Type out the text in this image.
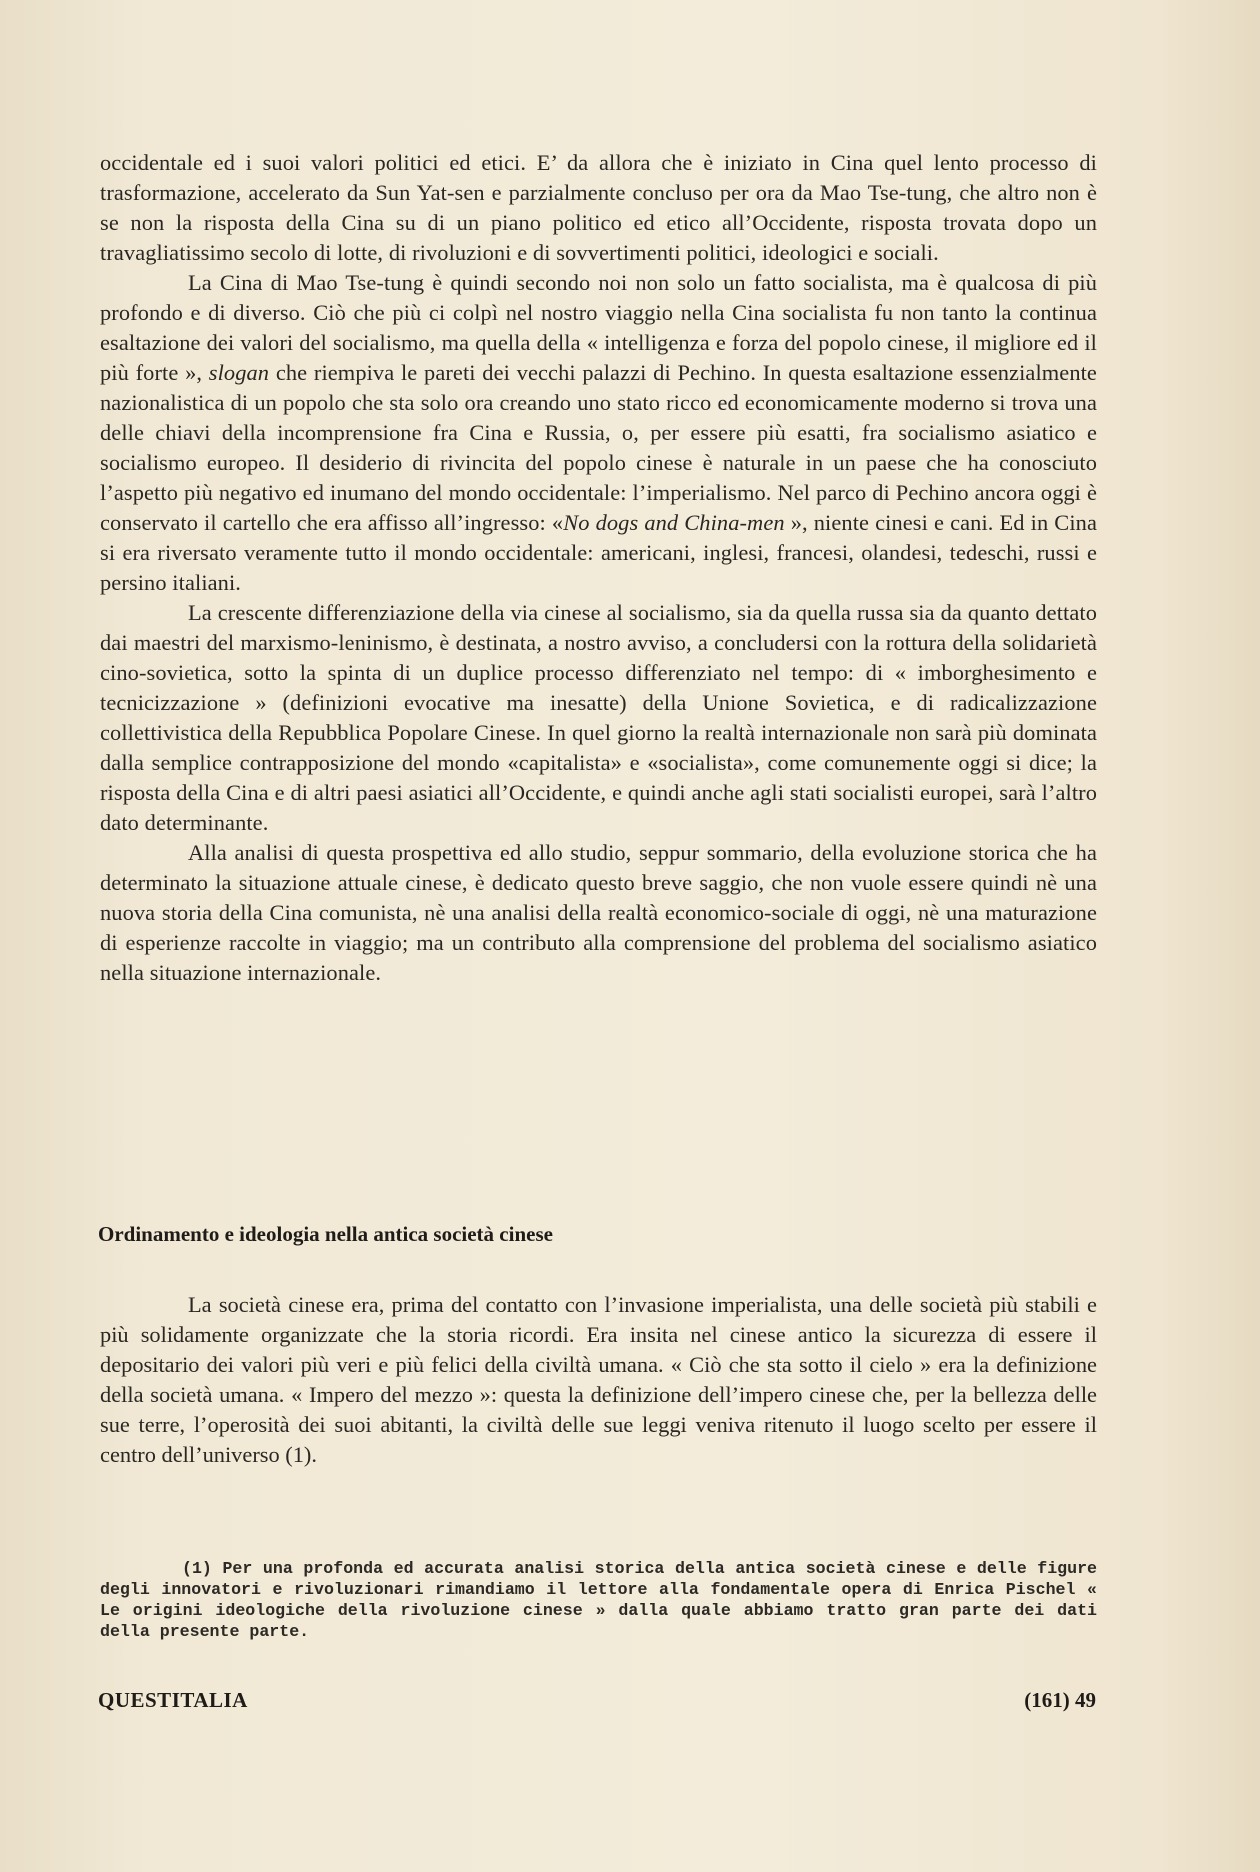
occidentale ed i suoi valori politici ed etici. E’ da allora che è iniziato in Cina quel lento processo di trasformazione, accelerato da Sun Yat-sen e parzialmente concluso per ora da Mao Tse-tung, che altro non è se non la risposta della Cina su di un piano politico ed etico all’Occidente, risposta trovata dopo un travagliatissimo secolo di lotte, di rivoluzioni e di sovvertimenti politici, ideologici e sociali.

La Cina di Mao Tse-tung è quindi secondo noi non solo un fatto socialista, ma è qualcosa di più profondo e di diverso. Ciò che più ci colpì nel nostro viaggio nella Cina socialista fu non tanto la continua esaltazione dei valori del socialismo, ma quella della « intelligenza e forza del popolo cinese, il migliore ed il più forte », slogan che riempiva le pareti dei vecchi palazzi di Pechino. In questa esaltazione essenzialmente nazionalistica di un popolo che sta solo ora creando uno stato ricco ed economicamente moderno si trova una delle chiavi della incomprensione fra Cina e Russia, o, per essere più esatti, fra socialismo asiatico e socialismo europeo. Il desiderio di rivincita del popolo cinese è naturale in un paese che ha conosciuto l’aspetto più negativo ed inumano del mondo occidentale: l’imperialismo. Nel parco di Pechino ancora oggi è conservato il cartello che era affisso all’ingresso: «No dogs and China-men », niente cinesi e cani. Ed in Cina si era riversato veramente tutto il mondo occidentale: americani, inglesi, francesi, olandesi, tedeschi, russi e persino italiani.

La crescente differenziazione della via cinese al socialismo, sia da quella russa sia da quanto dettato dai maestri del marxismo-leninismo, è destinata, a nostro avviso, a concludersi con la rottura della solidarietà cino-sovietica, sotto la spinta di un duplice processo differenziato nel tempo: di « imborghesimento e tecnicizzazione » (definizioni evocative ma inesatte) della Unione Sovietica, e di radicalizzazione collettivistica della Repubblica Popolare Cinese. In quel giorno la realtà internazionale non sarà più dominata dalla semplice contrapposizione del mondo «capitalista» e «socialista», come comunemente oggi si dice; la risposta della Cina e di altri paesi asiatici all’Occidente, e quindi anche agli stati socialisti europei, sarà l’altro dato determinante.

Alla analisi di questa prospettiva ed allo studio, seppur sommario, della evoluzione storica che ha determinato la situazione attuale cinese, è dedicato questo breve saggio, che non vuole essere quindi nè una nuova storia della Cina comunista, nè una analisi della realtà economico-sociale di oggi, nè una maturazione di esperienze raccolte in viaggio; ma un contributo alla comprensione del problema del socialismo asiatico nella situazione internazionale.

Ordinamento e ideologia nella antica società cinese

La società cinese era, prima del contatto con l’invasione imperialista, una delle società più stabili e più solidamente organizzate che la storia ricordi. Era insita nel cinese antico la sicurezza di essere il depositario dei valori più veri e più felici della civiltà umana. « Ciò che sta sotto il cielo » era la definizione della società umana. « Impero del mezzo »: questa la definizione dell’impero cinese che, per la bellezza delle sue terre, l’operosità dei suoi abitanti, la civiltà delle sue leggi veniva ritenuto il luogo scelto per essere il centro dell’universo (1).

(1) Per una profonda ed accurata analisi storica della antica società cinese e delle figure degli innovatori e rivoluzionari rimandiamo il lettore alla fondamentale opera di Enrica Pischel « Le origini ideologiche della rivoluzione cinese » dalla quale abbiamo tratto gran parte dei dati della presente parte.

QUESTITALIA	(161) 49
